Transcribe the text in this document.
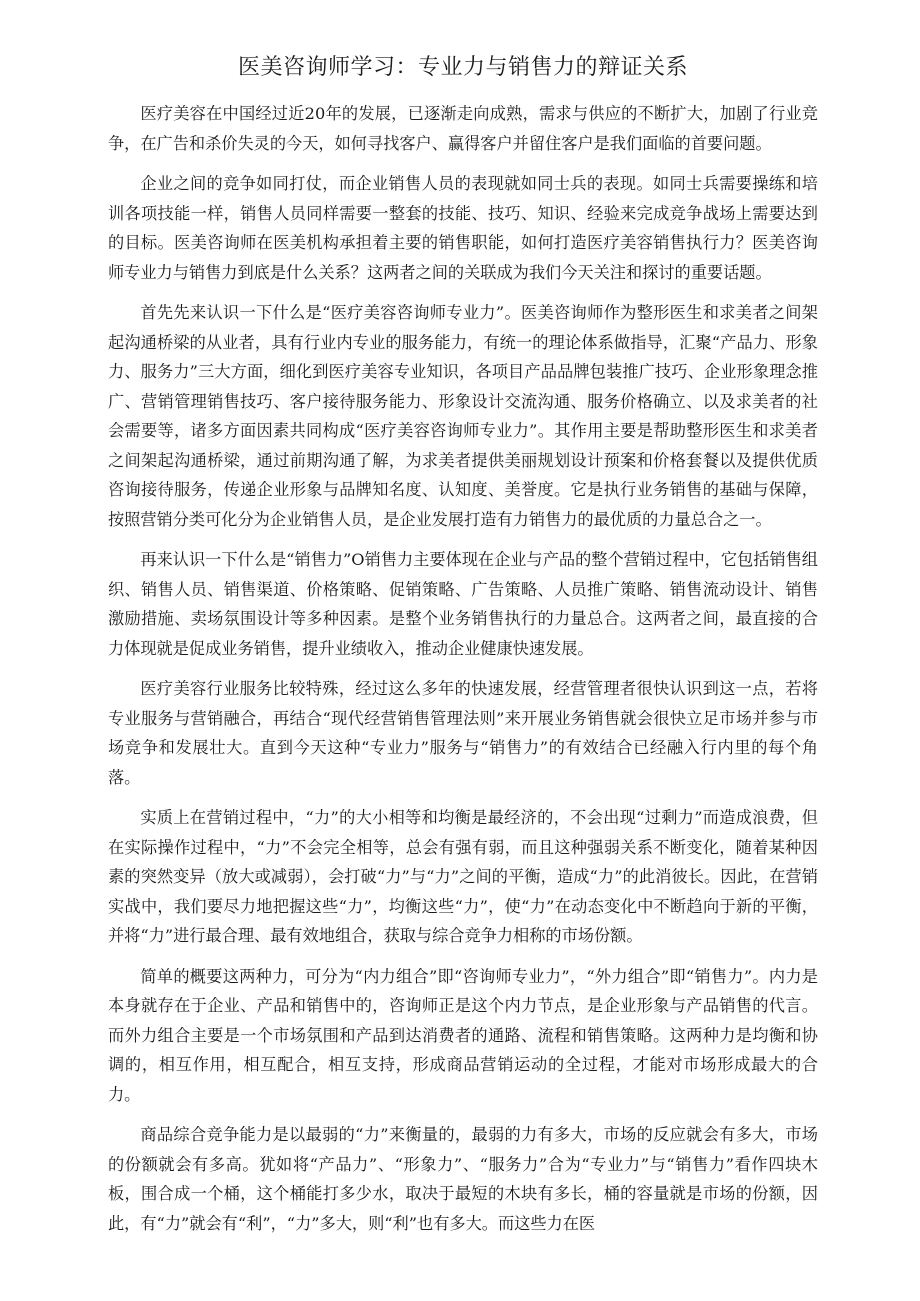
医美咨询师学习：专业力与销售力的辩证关系

医疗美容在中国经过近20年的发展，已逐渐走向成熟，需求与供应的不断扩大，加剧了行业竞争，在广告和杀价失灵的今天，如何寻找客户、赢得客户并留住客户是我们面临的首要问题。

企业之间的竞争如同打仗，而企业销售人员的表现就如同士兵的表现。如同士兵需要操练和培训各项技能一样，销售人员同样需要一整套的技能、技巧、知识、经验来完成竞争战场上需要达到的目标。医美咨询师在医美机构承担着主要的销售职能，如何打造医疗美容销售执行力？医美咨询师专业力与销售力到底是什么关系？这两者之间的关联成为我们今天关注和探讨的重要话题。

首先先来认识一下什么是“医疗美容咨询师专业力”。医美咨询师作为整形医生和求美者之间架起沟通桥梁的从业者，具有行业内专业的服务能力，有统一的理论体系做指导，汇聚“产品力、形象力、服务力”三大方面，细化到医疗美容专业知识，各项目产品品牌包装推广技巧、企业形象理念推广、营销管理销售技巧、客户接待服务能力、形象设计交流沟通、服务价格确立、以及求美者的社会需要等，诸多方面因素共同构成“医疗美容咨询师专业力”。其作用主要是帮助整形医生和求美者之间架起沟通桥梁，通过前期沟通了解，为求美者提供美丽规划设计预案和价格套餐以及提供优质咨询接待服务，传递企业形象与品牌知名度、认知度、美誉度。它是执行业务销售的基础与保障，按照营销分类可化分为企业销售人员，是企业发展打造有力销售力的最优质的力量总合之一。

再来认识一下什么是“销售力”O销售力主要体现在企业与产品的整个营销过程中，它包括销售组织、销售人员、销售渠道、价格策略、促销策略、广告策略、人员推广策略、销售流动设计、销售激励措施、卖场氛围设计等多种因素。是整个业务销售执行的力量总合。这两者之间，最直接的合力体现就是促成业务销售，提升业绩收入，推动企业健康快速发展。

医疗美容行业服务比较特殊，经过这么多年的快速发展，经营管理者很快认识到这一点，若将专业服务与营销融合，再结合“现代经营销售管理法则”来开展业务销售就会很快立足市场并参与市场竞争和发展壮大。直到今天这种“专业力”服务与“销售力”的有效结合已经融入行内里的每个角落。

实质上在营销过程中，“力”的大小相等和均衡是最经济的，不会出现“过剩力”而造成浪费，但在实际操作过程中，“力”不会完全相等，总会有强有弱，而且这种强弱关系不断变化，随着某种因素的突然变异（放大或减弱），会打破“力”与“力”之间的平衡，造成“力”的此消彼长。因此，在营销实战中，我们要尽力地把握这些“力”，均衡这些“力”，使“力”在动态变化中不断趋向于新的平衡，并将“力”进行最合理、最有效地组合，获取与综合竞争力相称的市场份额。

简单的概要这两种力，可分为“内力组合”即“咨询师专业力”，“外力组合”即“销售力”。内力是本身就存在于企业、产品和销售中的，咨询师正是这个内力节点，是企业形象与产品销售的代言。而外力组合主要是一个市场氛围和产品到达消费者的通路、流程和销售策略。这两种力是均衡和协调的，相互作用，相互配合，相互支持，形成商品营销运动的全过程，才能对市场形成最大的合力。

商品综合竞争能力是以最弱的“力”来衡量的，最弱的力有多大，市场的反应就会有多大，市场的份额就会有多高。犹如将“产品力”、“形象力”、“服务力”合为“专业力”与“销售力”看作四块木板，围合成一个桶，这个桶能打多少水，取决于最短的木块有多长，桶的容量就是市场的份额，因此，有“力”就会有“利”，“力”多大，则“利”也有多大。而这些力在医
